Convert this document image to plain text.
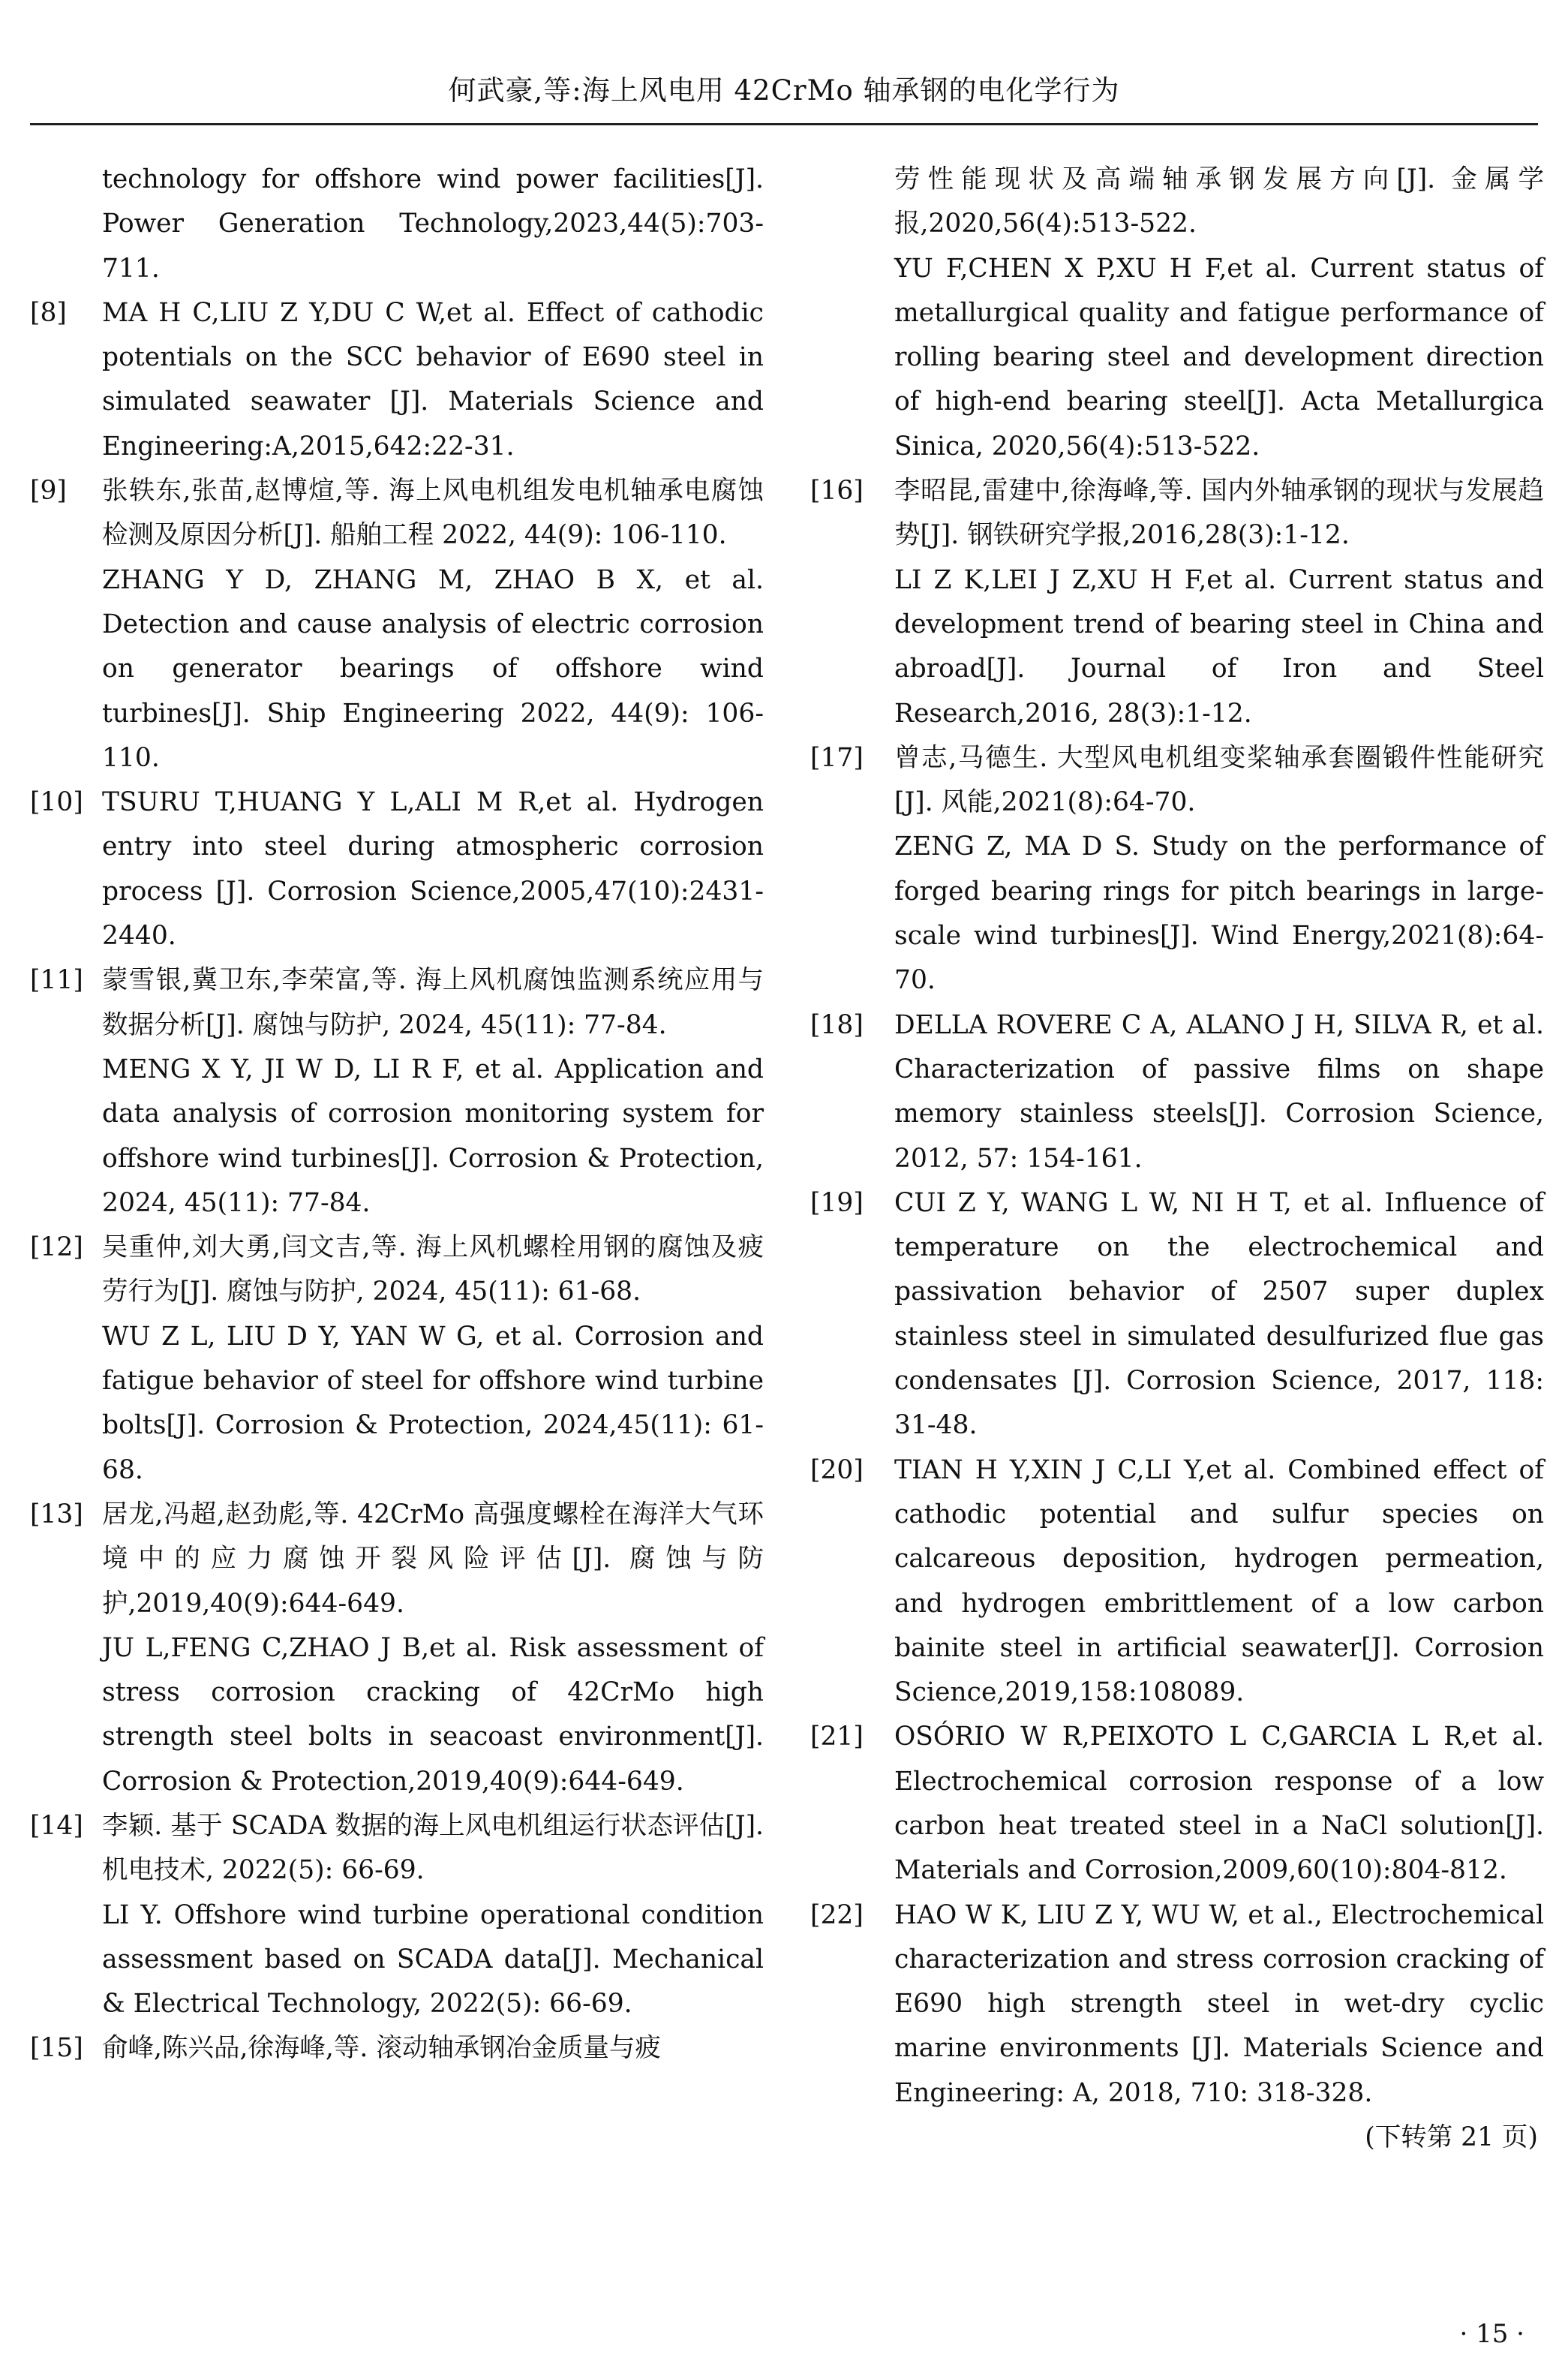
何武豪,等:海上风电用 42CrMo 轴承钢的电化学行为

technology for offshore wind power facilities[J]. Power Generation Technology,2023,44(5):703-711.

[8]	MA H C,LIU Z Y,DU C W,et al. Effect of cathodic potentials on the SCC behavior of E690 steel in simulated seawater [J]. Materials Science and Engineering:A,2015,642:22-31.

[9]	张轶东,张苗,赵博煊,等. 海上风电机组发电机轴承电腐蚀检测及原因分析[J]. 船舶工程 2022, 44(9): 106-110.

ZHANG Y D, ZHANG M, ZHAO B X, et al. Detection and cause analysis of electric corrosion on generator bearings of offshore wind turbines[J]. Ship Engineering 2022, 44(9): 106-110.

[10] TSURU T,HUANG Y L,ALI M R,et al. Hydrogen entry into steel during atmospheric corrosion process [J]. Corrosion Science,2005,47(10):2431-2440.

[11] 蒙雪银,冀卫东,李荣富,等. 海上风机腐蚀监测系统应用与数据分析[J]. 腐蚀与防护, 2024, 45(11): 77-84.

MENG X Y, JI W D, LI R F, et al. Application and data analysis of corrosion monitoring system for offshore wind turbines[J]. Corrosion & Protection, 2024, 45(11): 77-84.

[12] 吴重仲,刘大勇,闫文吉,等. 海上风机螺栓用钢的腐蚀及疲劳行为[J]. 腐蚀与防护, 2024, 45(11): 61-68.

WU Z L, LIU D Y, YAN W G, et al. Corrosion and fatigue behavior of steel for offshore wind turbine bolts[J]. Corrosion & Protection, 2024,45(11): 61-68.

[13] 居龙,冯超,赵劲彪,等. 42CrMo 高强度螺栓在海洋大气环境中的应力腐蚀开裂风险评估[J]. 腐蚀与防护,2019,40(9):644-649.

JU L,FENG C,ZHAO J B,et al. Risk assessment of stress corrosion cracking of 42CrMo high strength steel bolts in seacoast environment[J]. Corrosion & Protection,2019,40(9):644-649.

[14] 李颖. 基于 SCADA 数据的海上风电机组运行状态评估[J]. 机电技术, 2022(5): 66-69.

LI Y. Offshore wind turbine operational condition assessment based on SCADA data[J]. Mechanical & Electrical Technology, 2022(5): 66-69.

[15] 俞峰,陈兴品,徐海峰,等. 滚动轴承钢冶金质量与疲

劳性能现状及高端轴承钢发展方向[J]. 金属学报,2020,56(4):513-522.

YU F,CHEN X P,XU H F,et al. Current status of metallurgical quality and fatigue performance of rolling bearing steel and development direction of high-end bearing steel[J]. Acta Metallurgica Sinica, 2020,56(4):513-522.

[16]	李昭昆,雷建中,徐海峰,等. 国内外轴承钢的现状与发展趋势[J]. 钢铁研究学报,2016,28(3):1-12.

LI Z K,LEI J Z,XU H F,et al. Current status and development trend of bearing steel in China and abroad[J]. Journal of Iron and Steel Research,2016, 28(3):1-12.

[17]	曾志,马德生. 大型风电机组变桨轴承套圈锻件性能研究[J]. 风能,2021(8):64-70.

ZENG Z, MA D S. Study on the performance of forged bearing rings for pitch bearings in large-scale wind turbines[J]. Wind Energy,2021(8):64-70.

[18]	DELLA ROVERE C A, ALANO J H, SILVA R, et al. Characterization of passive films on shape memory stainless steels[J]. Corrosion Science, 2012, 57: 154-161.

[19]	CUI Z Y, WANG L W, NI H T, et al. Influence of temperature on the electrochemical and passivation behavior of 2507 super duplex stainless steel in simulated desulfurized flue gas condensates [J]. Corrosion Science, 2017, 118: 31-48.

[20]	TIAN H Y,XIN J C,LI Y,et al. Combined effect of cathodic potential and sulfur species on calcareous deposition, hydrogen permeation, and hydrogen embrittlement of a low carbon bainite steel in artificial seawater[J]. Corrosion Science,2019,158:108089.

[21]	OSÓRIO W R,PEIXOTO L C,GARCIA L R,et al. Electrochemical corrosion response of a low carbon heat treated steel in a NaCl solution[J]. Materials and Corrosion,2009,60(10):804-812.

[22]	HAO W K, LIU Z Y, WU W, et al., Electrochemical characterization and stress corrosion cracking of E690 high strength steel in wet-dry cyclic marine environments [J]. Materials Science and Engineering: A, 2018, 710: 318-328.

(下转第 21 页)
· 15 ·
